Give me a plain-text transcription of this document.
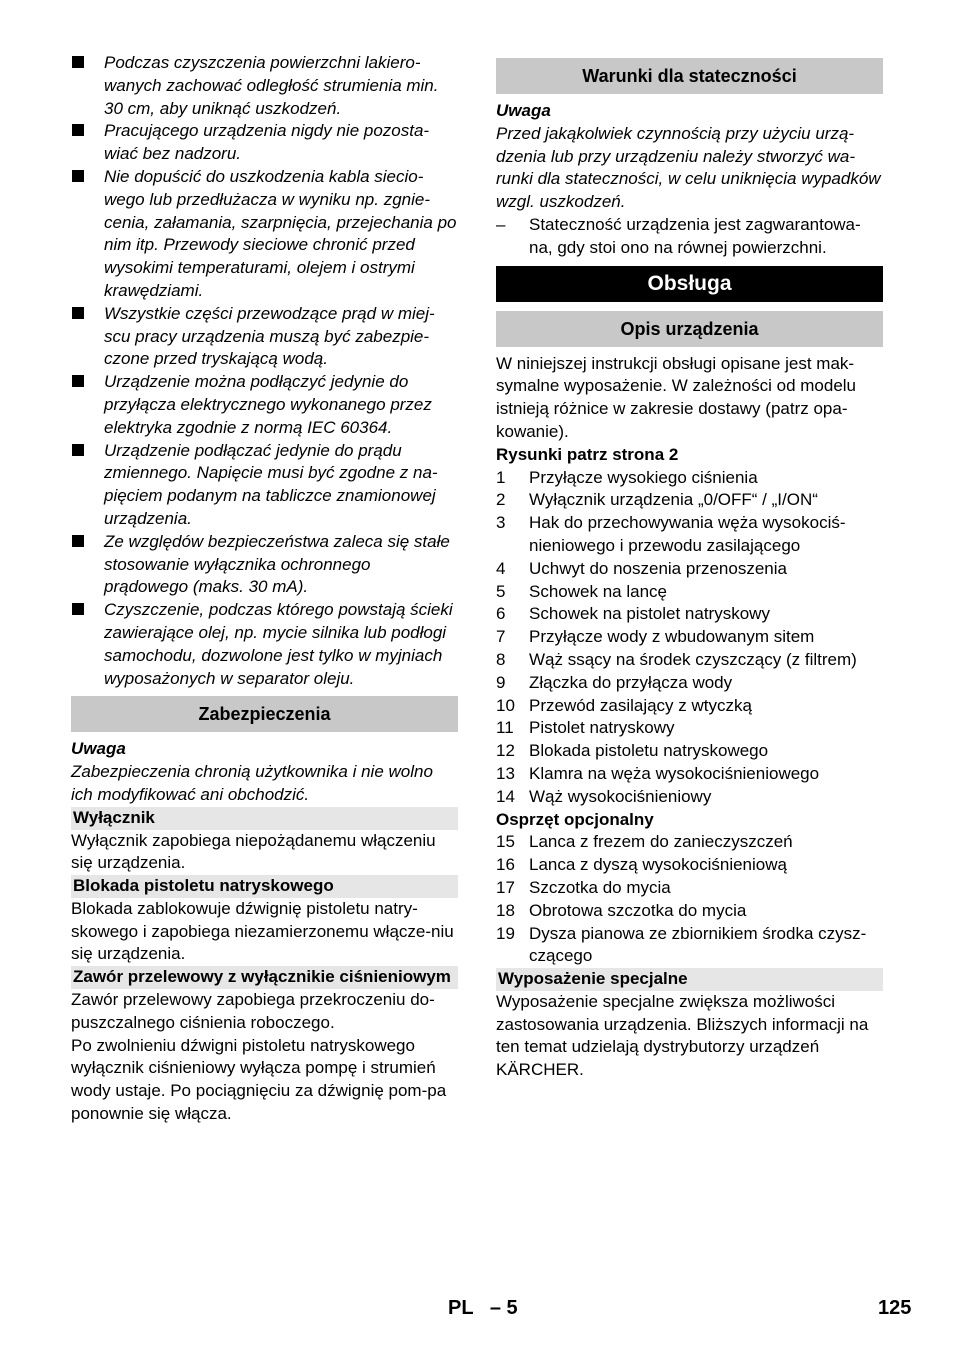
Podczas czyszczenia powierzchni lakiero-wanych zachować odległość strumienia min. 30 cm, aby uniknąć uszkodzeń.
Pracującego urządzenia nigdy nie pozosta-wiać bez nadzoru.
Nie dopuścić do uszkodzenia kabla siecio-wego lub przedłużacza w wyniku np. zgnie-cenia, załamania, szarpnięcia, przejechania po nim itp. Przewody sieciowe chronić przed wysokimi temperaturami, olejem i ostrymi krawędziami.
Wszystkie części przewodzące prąd w miej-scu pracy urządzenia muszą być zabezpie-czone przed tryskającą wodą.
Urządzenie można podłączyć jedynie do przyłącza elektrycznego wykonanego przez elektryka zgodnie z normą IEC 60364.
Urządzenie podłączać jedynie do prądu zmiennego. Napięcie musi być zgodne z na-pięciem podanym na tabliczce znamionowej urządzenia.
Ze względów bezpieczeństwa zaleca się stałe stosowanie wyłącznika ochronnego prądowego (maks. 30 mA).
Czyszczenie, podczas którego powstają ścieki zawierające olej, np. mycie silnika lub podłogi samochodu, dozwolone jest tylko w myjniach wyposażonych w separator oleju.
Zabezpieczenia
Uwaga
Zabezpieczenia chronią użytkownika i nie wolno ich modyfikować ani obchodzić.
Wyłącznik
Wyłącznik zapobiega niepożądanemu włączeniu się urządzenia.
Blokada pistoletu natryskowego
Blokada zablokowuje dźwignię pistoletu natry-skowego i zapobiega niezamierzonemu włącze-niu się urządzenia.
Zawór przelewowy z wyłącznikie ciśnieniowym
Zawór przelewowy zapobiega przekroczeniu do-puszczalnego ciśnienia roboczego.
Po zwolnieniu dźwigni pistoletu natryskowego wyłącznik ciśnieniowy wyłącza pompę i strumień wody ustaje. Po pociągnięciu za dźwignię pom-pa ponownie się włącza.
Warunki dla stateczności
Uwaga
Przed jakąkolwiek czynnością przy użyciu urzą-dzenia lub przy urządzeniu należy stworzyć wa-runki dla stateczności, w celu uniknięcia wypadków wzgl. uszkodzeń.
– Stateczność urządzenia jest zagwarantowa-na, gdy stoi ono na równej powierzchni.
Obsługa
Opis urządzenia
W niniejszej instrukcji obsługi opisane jest mak-symalne wyposażenie. W zależności od modelu istnieją różnice w zakresie dostawy (patrz opa-kowanie).
Rysunki patrz strona 2
1 Przyłącze wysokiego ciśnienia
2 Wyłącznik urządzenia „0/OFF“ / „I/ON“
3 Hak do przechowywania węża wysokociś-nieniowego i przewodu zasilającego
4 Uchwyt do noszenia przenoszenia
5 Schowek na lancę
6 Schowek na pistolet natryskowy
7 Przyłącze wody z wbudowanym sitem
8 Wąż ssący na środek czyszczący (z filtrem)
9 Złączka do przyłącza wody
10 Przewód zasilający z wtyczką
11 Pistolet natryskowy
12 Blokada pistoletu natryskowego
13 Klamra na węża wysokociśnieniowego
14 Wąż wysokociśnieniowy
Osprzęt opcjonalny
15 Lanca z frezem do zanieczyszczeń
16 Lanca z dyszą wysokociśnieniową
17 Szczotka do mycia
18 Obrotowa szczotka do mycia
19 Dysza pianowa ze zbiornikiem środka czysz-czącego
Wyposażenie specjalne
Wyposażenie specjalne zwiększa możliwości zastosowania urządzenia. Bliższych informacji na ten temat udzielają dystrybutorzy urządzeń KÄRCHER.
PL   – 5	125
